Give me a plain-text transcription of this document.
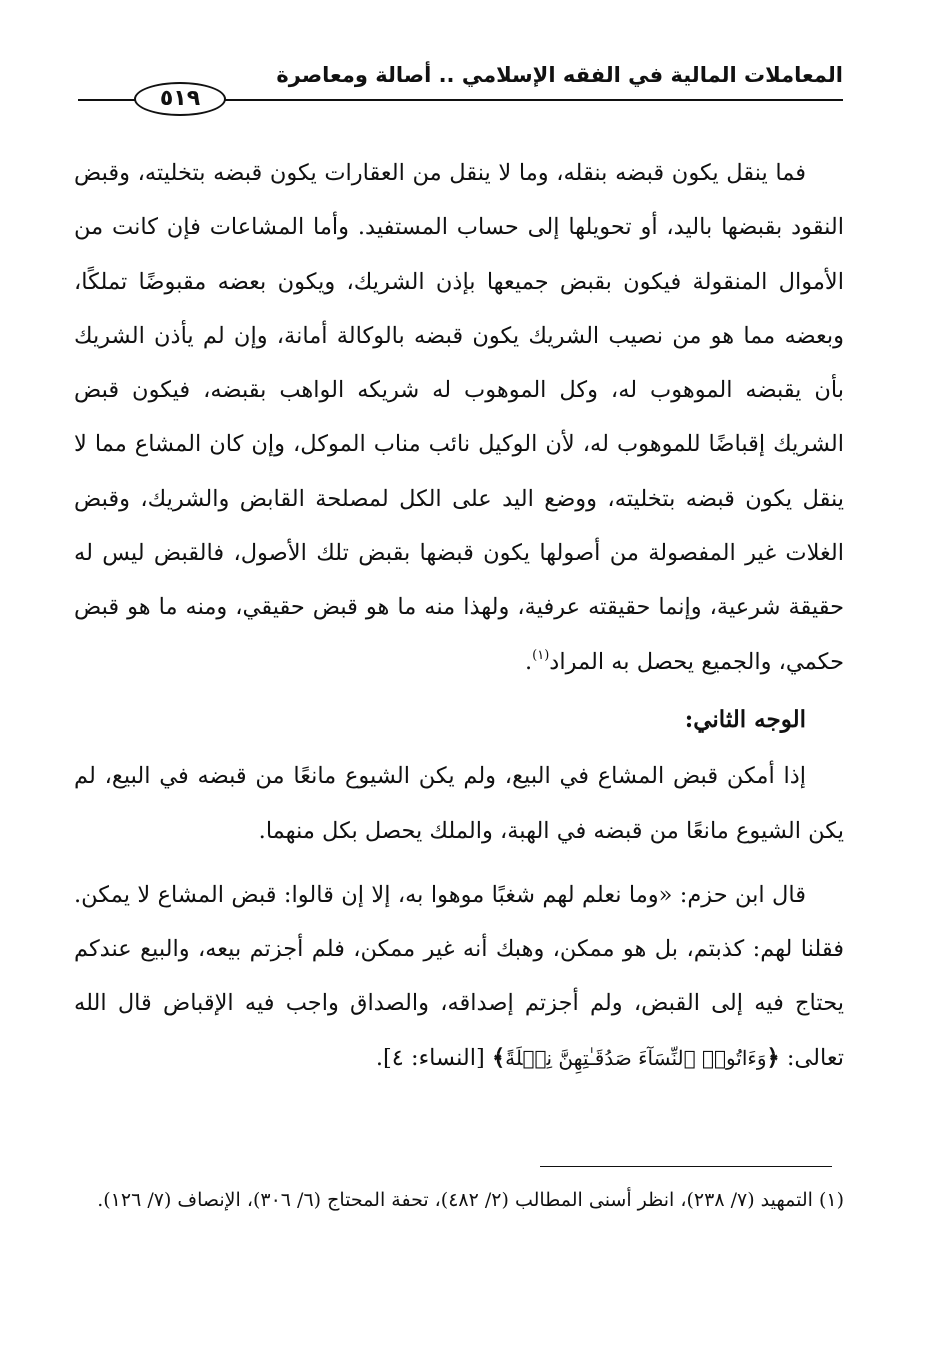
المعاملات المالية في الفقه الإسلامي .. أصالة ومعاصرة
٥١٩

فما ينقل يكون قبضه بنقله، وما لا ينقل من العقارات يكون قبضه بتخليته، وقبض النقود بقبضها باليد، أو تحويلها إلى حساب المستفيد. وأما المشاعات فإن كانت من الأموال المنقولة فيكون بقبض جميعها بإذن الشريك، ويكون بعضه مقبوضًا تملكًا، وبعضه مما هو من نصيب الشريك يكون قبضه بالوكالة أمانة، وإن لم يأذن الشريك بأن يقبضه الموهوب له، وكل الموهوب له شريكه الواهب بقبضه، فيكون قبض الشريك إقباضًا للموهوب له، لأن الوكيل نائب مناب الموكل، وإن كان المشاع مما لا ينقل يكون قبضه بتخليته، ووضع اليد على الكل لمصلحة القابض والشريك، وقبض الغلات غير المفصولة من أصولها يكون قبضها بقبض تلك الأصول، فالقبض ليس له حقيقة شرعية، وإنما حقيقته عرفية، ولهذا منه ما هو قبض حقيقي، ومنه ما هو قبض حكمي، والجميع يحصل به المراد$^{(١)}$.

الوجه الثاني:

إذا أمكن قبض المشاع في البيع، ولم يكن الشيوع مانعًا من قبضه في البيع، لم يكن الشيوع مانعًا من قبضه في الهبة، والملك يحصل بكل منهما.

قال ابن حزم: «وما نعلم لهم شغبًا موهوا به، إلا إن قالوا: قبض المشاع لا يمكن. فقلنا لهم: كذبتم، بل هو ممكن، وهبك أنه غير ممكن، فلم أجزتم بيعه، والبيع عندكم يحتاج فيه إلى القبض، ولم أجزتم إصداقه، والصداق واجب فيه الإقباض قال الله تعالى: ﴿وَءَاتُوا۟ ٱلنِّسَآءَ صَدُقَـٰتِهِنَّ نِحۡلَةً﴾ [النساء: ٤].

(١) التمهيد (٧/ ٢٣٨)، انظر أسنى المطالب (٢/ ٤٨٢)، تحفة المحتاج (٦/ ٣٠٦)، الإنصاف (٧/ ١٢٦).
